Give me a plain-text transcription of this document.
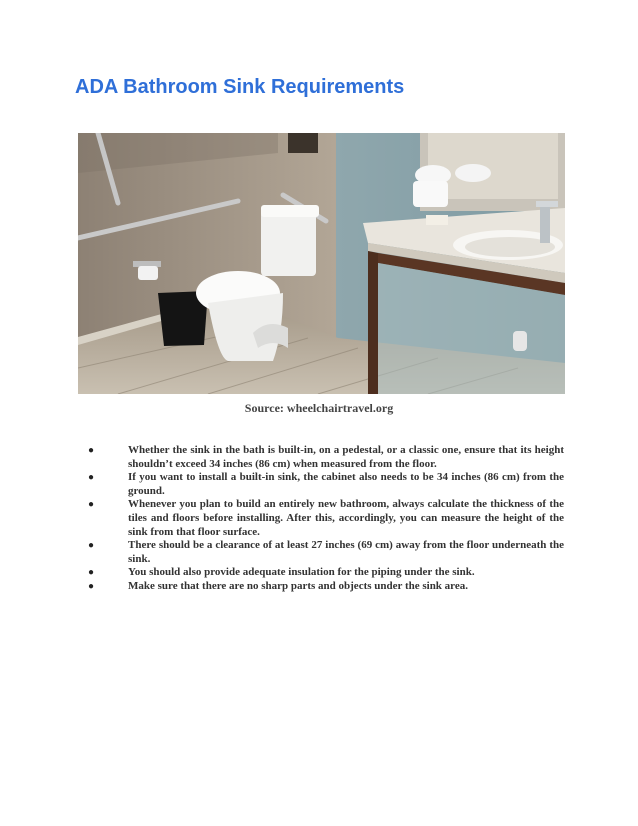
ADA Bathroom Sink Requirements
Source: wheelchairtravel.org
●	Whether the sink in the bath is built-in, on a pedestal, or a classic one, ensure that its height shouldn’t exceed 34 inches (86 cm) when measured from the floor.
●	If you want to install a built-in sink, the cabinet also needs to be 34 inches (86 cm) from the ground.
●	Whenever you plan to build an entirely new bathroom, always calculate the thickness of the tiles and floors before installing. After this, accordingly, you can measure the height of the sink from that floor surface.
●	There should be a clearance of at least 27 inches (69 cm) away from the floor underneath the sink.
●	You should also provide adequate insulation for the piping under the sink.
●	Make sure that there are no sharp parts and objects under the sink area.
